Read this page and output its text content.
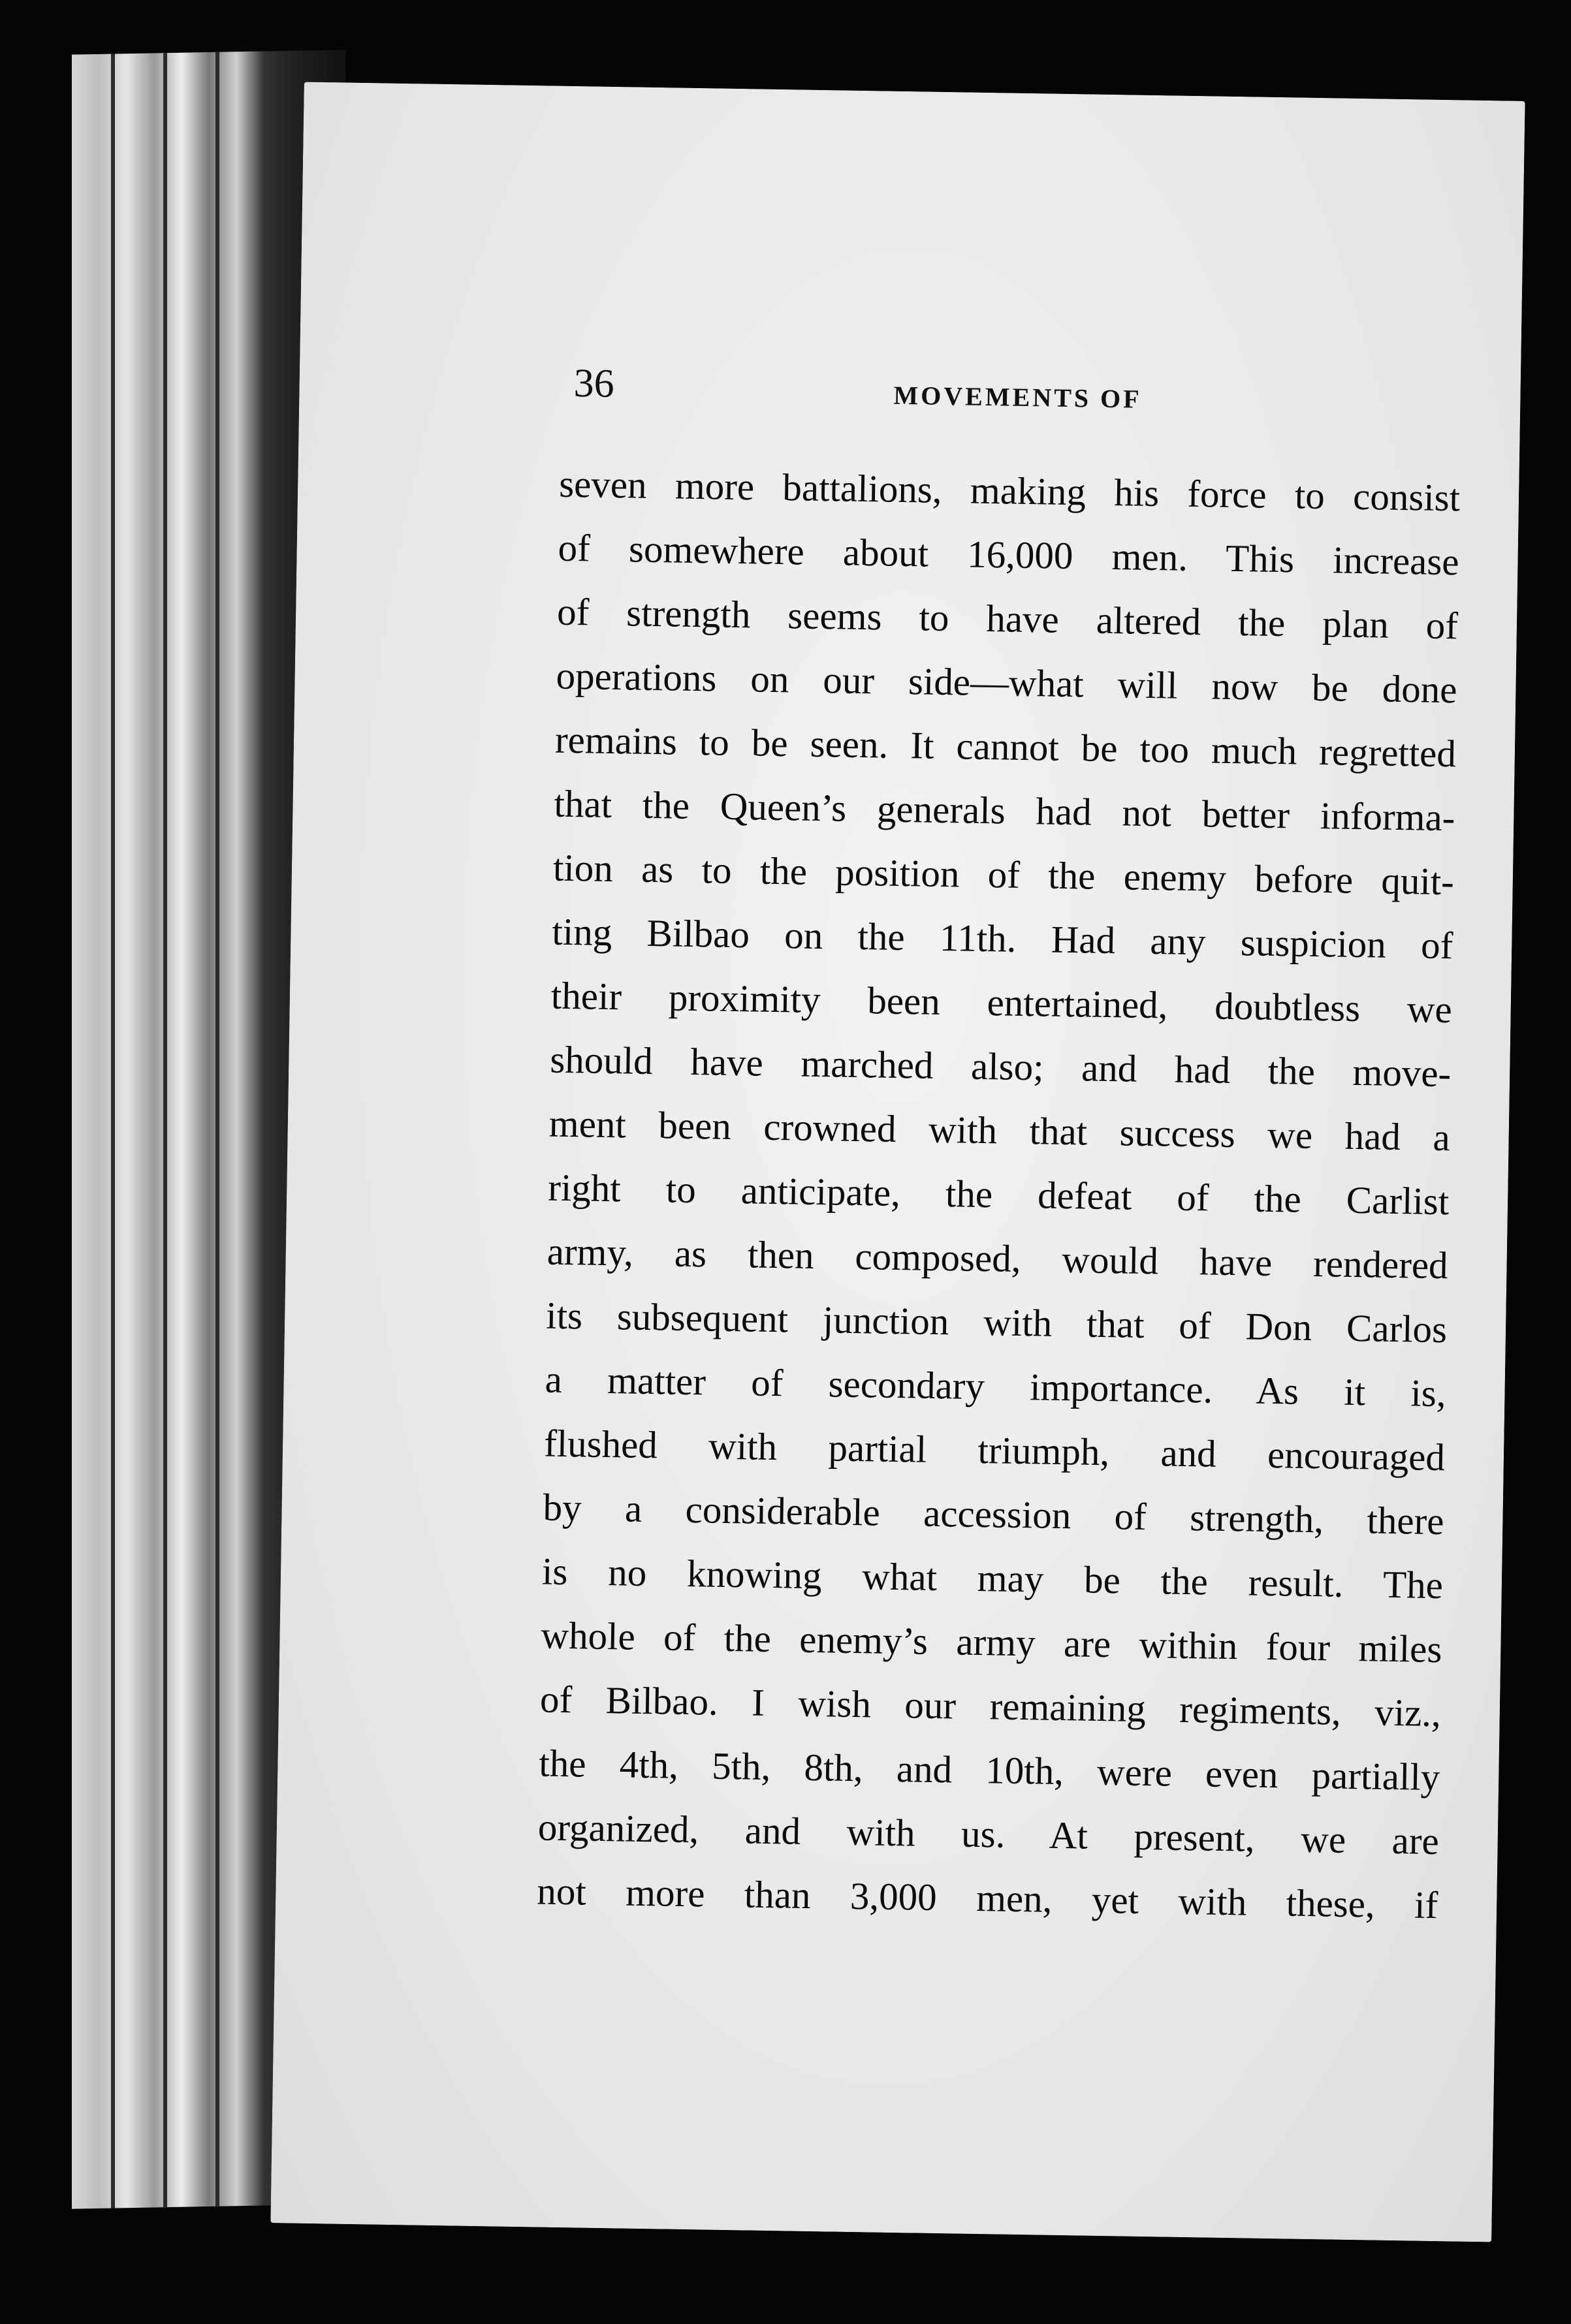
36	MOVEMENTS OF
seven more battalions, making his force to consist
of somewhere about 16,000 men. This increase
of strength seems to have altered the plan of
operations on our side—what will now be done
remains to be seen. It cannot be too much regretted
that the Queen’s generals had not better informa-
tion as to the position of the enemy before quit-
ting Bilbao on the 11th. Had any suspicion of
their proximity been entertained, doubtless we
should have marched also; and had the move-
ment been crowned with that success we had a
right to anticipate, the defeat of the Carlist
army, as then composed, would have rendered
its subsequent junction with that of Don Carlos
a matter of secondary importance. As it is,
flushed with partial triumph, and encouraged
by a considerable accession of strength, there
is no knowing what may be the result. The
whole of the enemy’s army are within four miles
of Bilbao. I wish our remaining regiments, viz.,
the 4th, 5th, 8th, and 10th, were even partially
organized, and with us. At present, we are
not more than 3,000 men, yet with these, if
